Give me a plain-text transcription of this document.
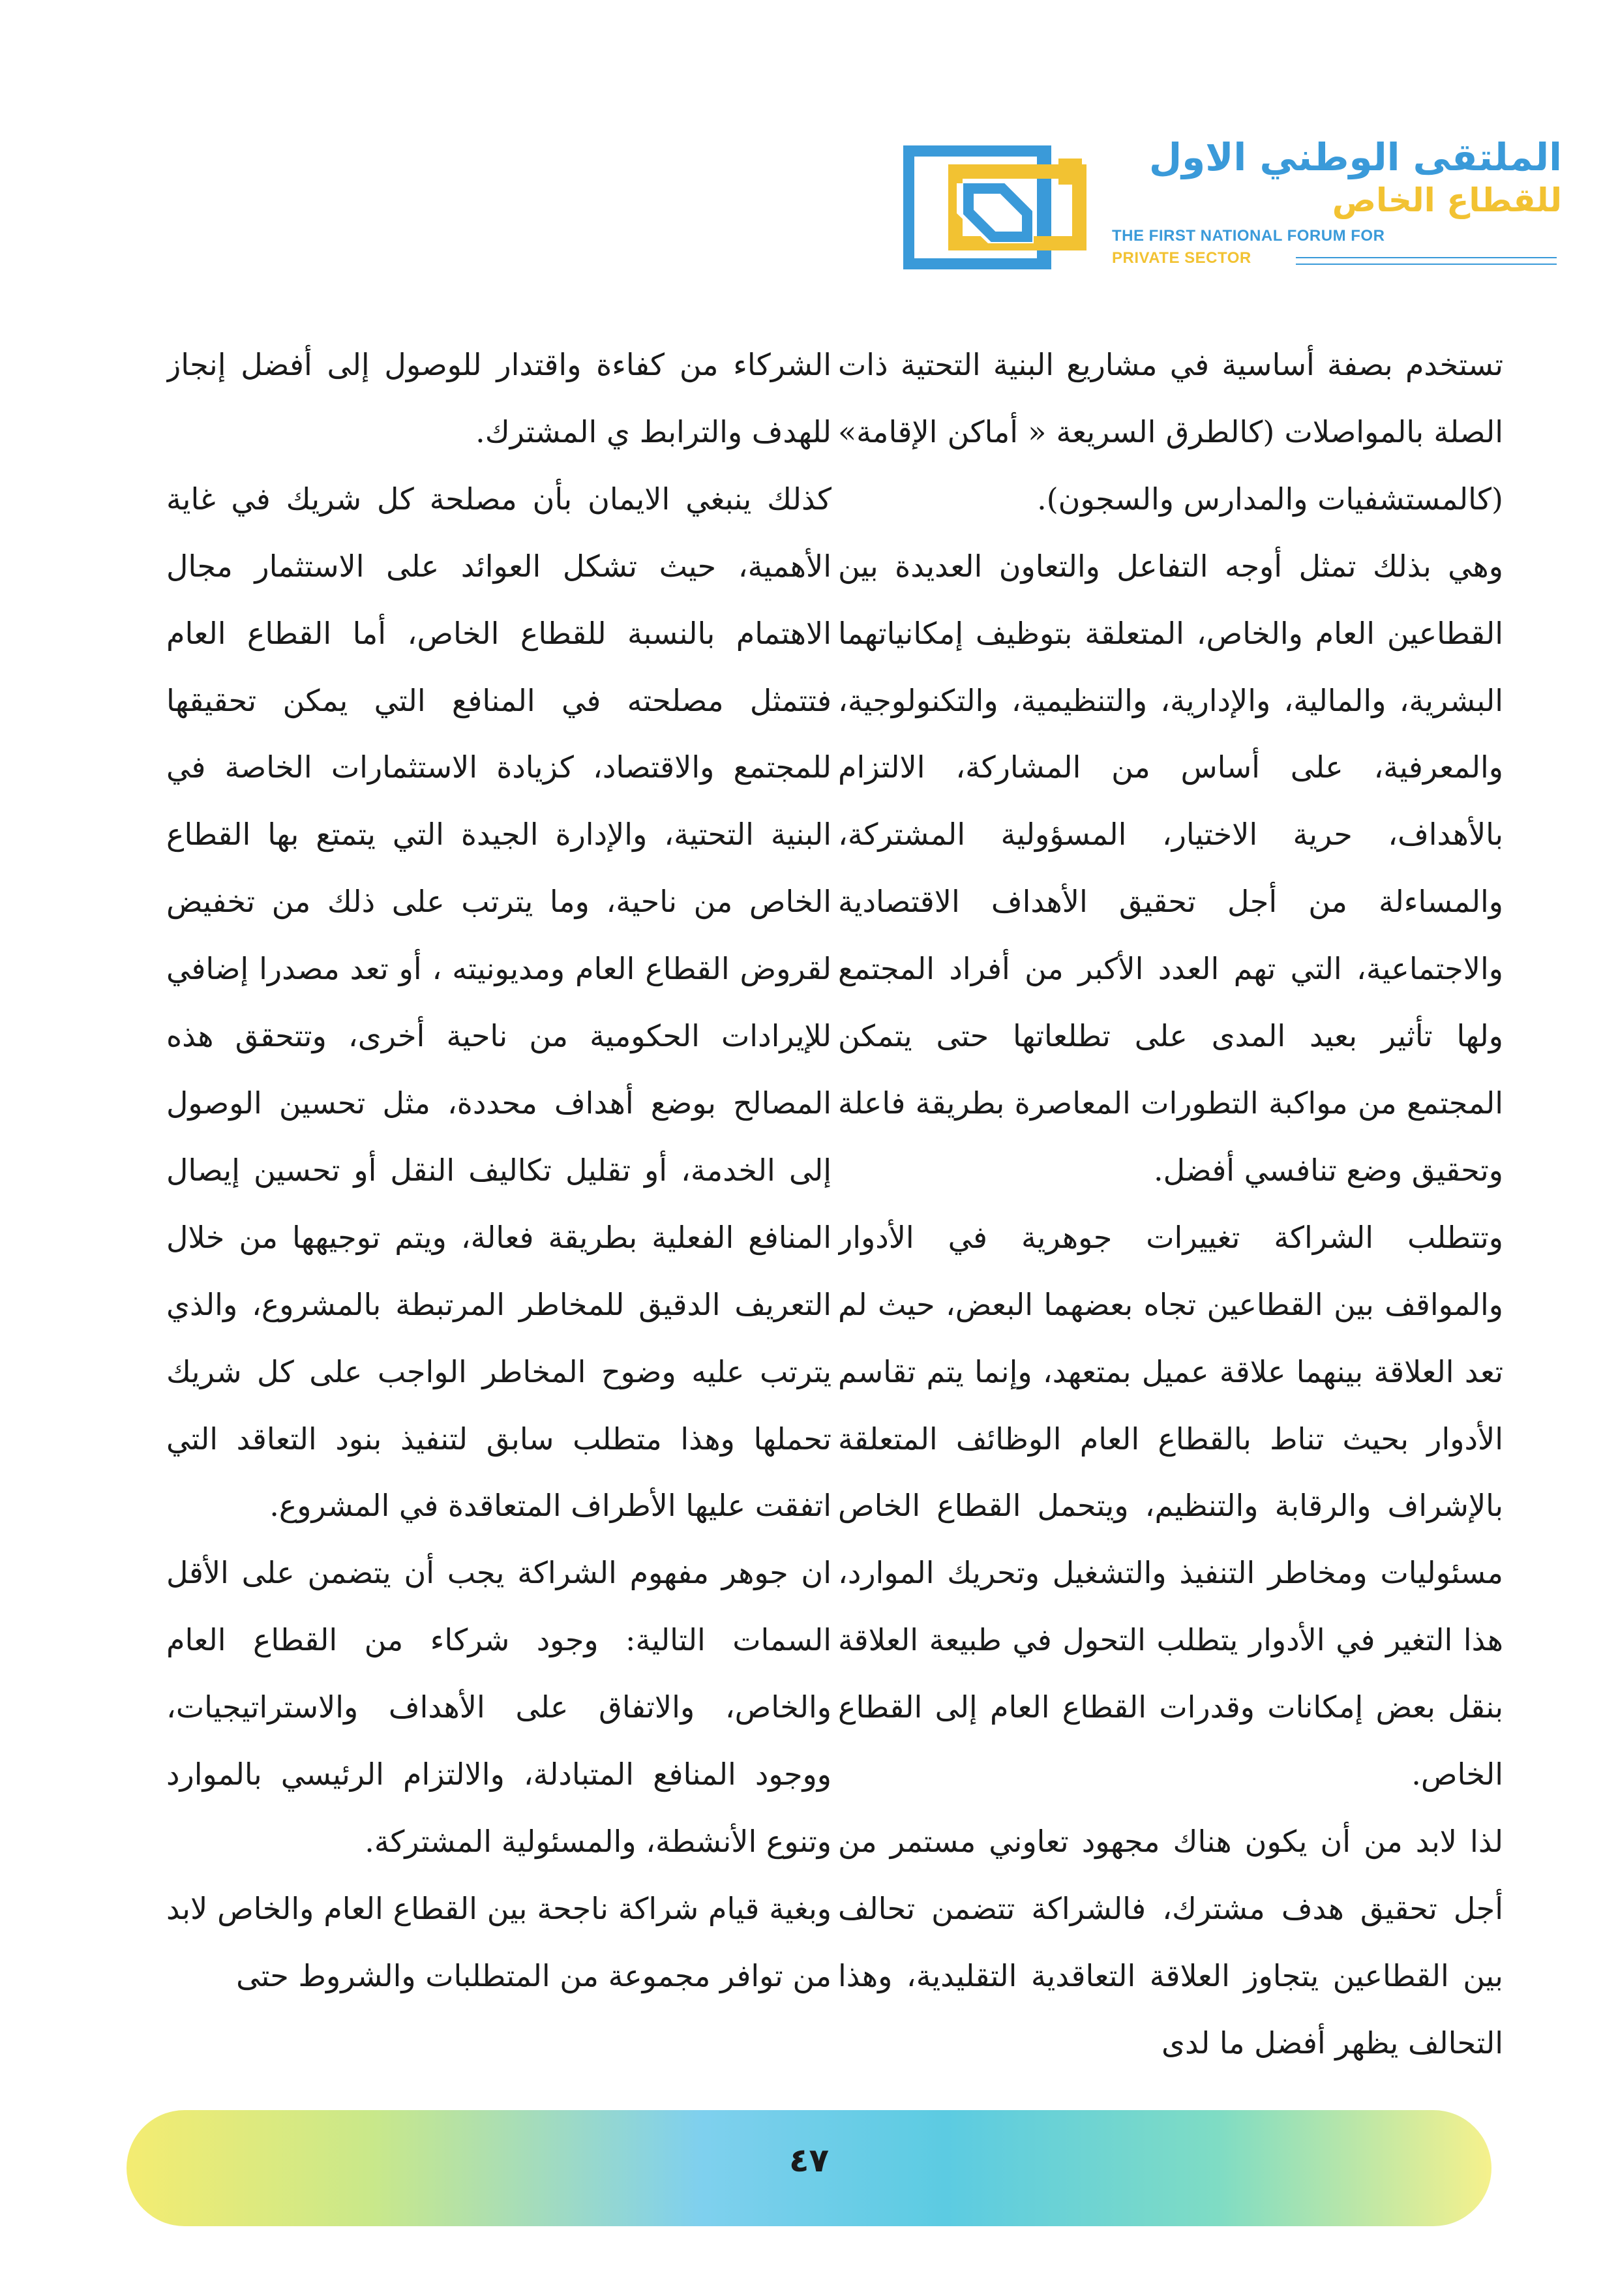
الملتقى الوطني الاول
للقطاع الخاص
THE FIRST NATIONAL FORUM FOR
PRIVATE SECTOR

تستخدم بصفة أساسية في مشاريع البنية التحتية ذات الصلة بالمواصلات (كالطرق السريعة « أماكن الإقامة» (كالمستشفيات والمدارس والسجون).

وهي بذلك تمثل أوجه التفاعل والتعاون العديدة بين القطاعين العام والخاص، المتعلقة بتوظيف إمكانياتهما البشرية، والمالية، والإدارية، والتنظيمية، والتكنولوجية، والمعرفية، على أساس من المشاركة، الالتزام بالأهداف، حرية الاختيار، المسؤولية المشتركة، والمساءلة من أجل تحقيق الأهداف الاقتصادية والاجتماعية، التي تهم العدد الأكبر من أفراد المجتمع ولها تأثير بعيد المدى على تطلعاتها حتى يتمكن المجتمع من مواكبة التطورات المعاصرة بطريقة فاعلة وتحقيق وضع تنافسي أفضل.

وتتطلب الشراكة تغييرات جوهرية في الأدوار والمواقف بين القطاعين تجاه بعضهما البعض، حيث لم تعد العلاقة بينهما علاقة عميل بمتعهد، وإنما يتم تقاسم الأدوار بحيث تناط بالقطاع العام الوظائف المتعلقة بالإشراف والرقابة والتنظيم، ويتحمل القطاع الخاص مسئوليات ومخاطر التنفيذ والتشغيل وتحريك الموارد، هذا التغير في الأدوار يتطلب التحول في طبيعة العلاقة بنقل بعض إمكانات وقدرات القطاع العام إلى القطاع الخاص.

لذا لابد من أن يكون هناك مجهود تعاوني مستمر من أجل تحقيق هدف مشترك، فالشراكة تتضمن تحالف بين القطاعين يتجاوز العلاقة التعاقدية التقليدية، وهذا التحالف يظهر أفضل ما لدى

الشركاء من كفاءة واقتدار للوصول إلى أفضل إنجاز للهدف والترابط ي المشترك.

كذلك ينبغي الايمان بأن مصلحة كل شريك في غاية الأهمية، حيث تشكل العوائد على الاستثمار مجال الاهتمام بالنسبة للقطاع الخاص، أما القطاع العام فتتمثل مصلحته في المنافع التي يمكن تحقيقها للمجتمع والاقتصاد، كزيادة الاستثمارات الخاصة في البنية التحتية، والإدارة الجيدة التي يتمتع بها القطاع الخاص من ناحية، وما يترتب على ذلك من تخفيض لقروض القطاع العام ومديونيته ، أو تعد مصدرا إضافي للإيرادات الحكومية من ناحية أخرى، وتتحقق هذه المصالح بوضع أهداف محددة، مثل تحسين الوصول إلى الخدمة، أو تقليل تكاليف النقل أو تحسين إيصال المنافع الفعلية بطريقة فعالة، ويتم توجيهها من خلال التعريف الدقيق للمخاطر المرتبطة بالمشروع، والذي يترتب عليه وضوح المخاطر الواجب على كل شريك تحملها وهذا متطلب سابق لتنفيذ بنود التعاقد التي اتفقت عليها الأطراف المتعاقدة في المشروع.

ان جوهر مفهوم الشراكة يجب أن يتضمن على الأقل السمات التالية: وجود شركاء من القطاع العام والخاص، والاتفاق على الأهداف والاستراتيجيات، ووجود المنافع المتبادلة، والالتزام الرئيسي بالموارد وتنوع الأنشطة، والمسئولية المشتركة.

وبغية قيام شراكة ناجحة بين القطاع العام والخاص لابد من توافر مجموعة من المتطلبات والشروط حتى

٤٧
